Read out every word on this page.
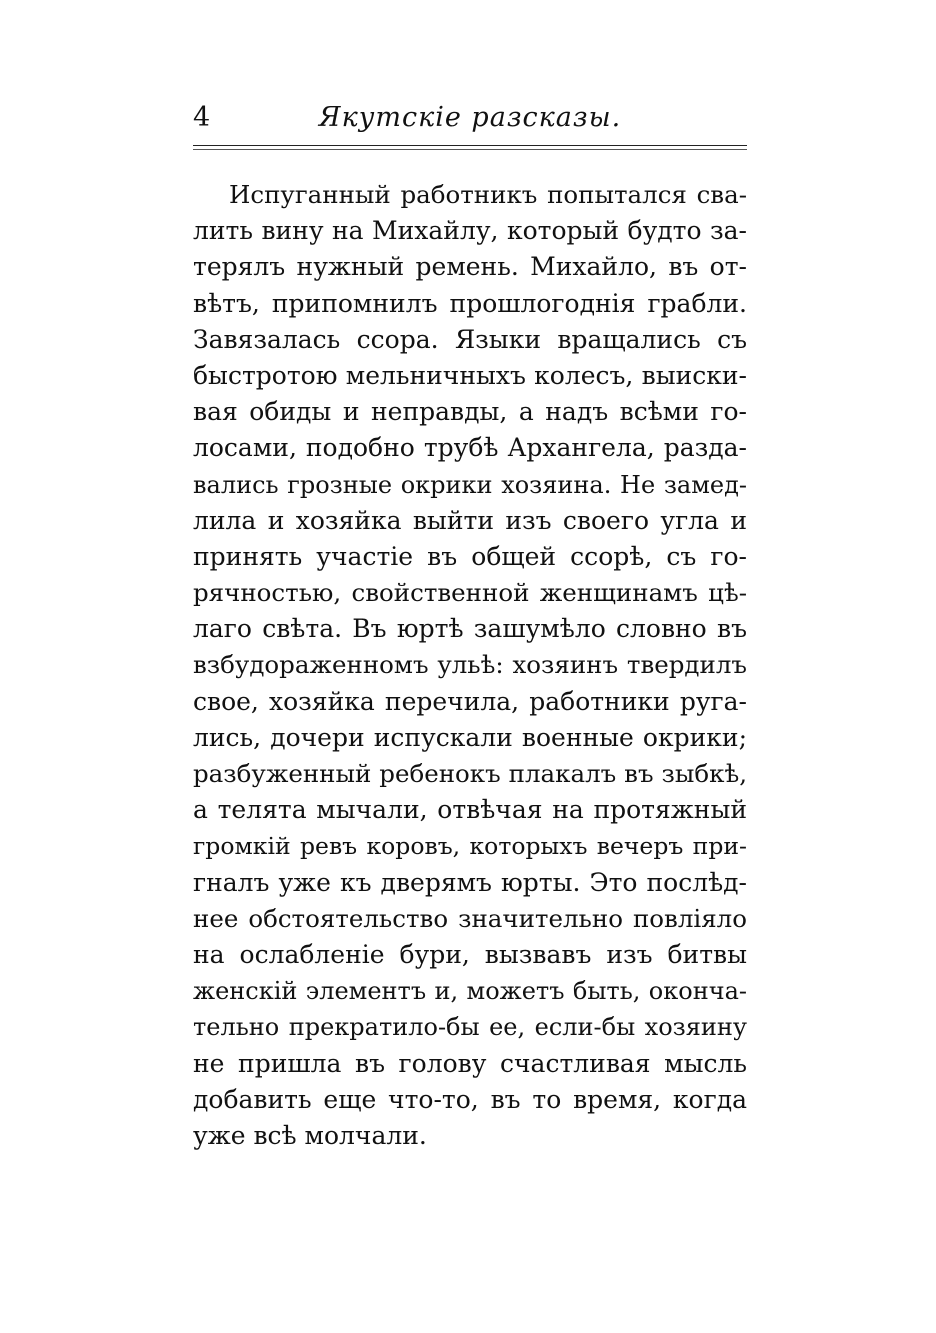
4	Якутскіе разсказы.
Испуганный работникъ попытался сва-
лить вину на Михайлу, который будто за-
терялъ нужный ремень. Михайло, въ от-
вѣтъ, припомнилъ прошлогоднія грабли.
Завязалась ссора. Языки вращались съ
быстротою мельничныхъ колесъ, выиски-
вая обиды и неправды, а надъ всѣми го-
лосами, подобно трубѣ Архангела, разда-
вались грозные окрики хозяина. Не замед-
лила и хозяйка выйти изъ своего угла и
принять участіе въ общей ссорѣ, съ го-
рячностью, свойственной женщинамъ цѣ-
лаго свѣта. Въ юртѣ зашумѣло словно въ
взбудораженномъ ульѣ: хозяинъ твердилъ
свое, хозяйка перечила, работники руга-
лись, дочери испускали военные окрики;
разбуженный ребенокъ плакалъ въ зыбкѣ,
а телята мычали, отвѣчая на протяжный
громкій ревъ коровъ, которыхъ вечеръ при-
гналъ уже къ дверямъ юрты. Это послѣд-
нее обстоятельство значительно повліяло
на ослабленіе бури, вызвавъ изъ битвы
женскій элементъ и, можетъ быть, оконча-
тельно прекратило-бы ее, если-бы хозяину
не пришла въ голову счастливая мысль
добавить еще что-то, въ то время, когда
уже всѣ молчали.
